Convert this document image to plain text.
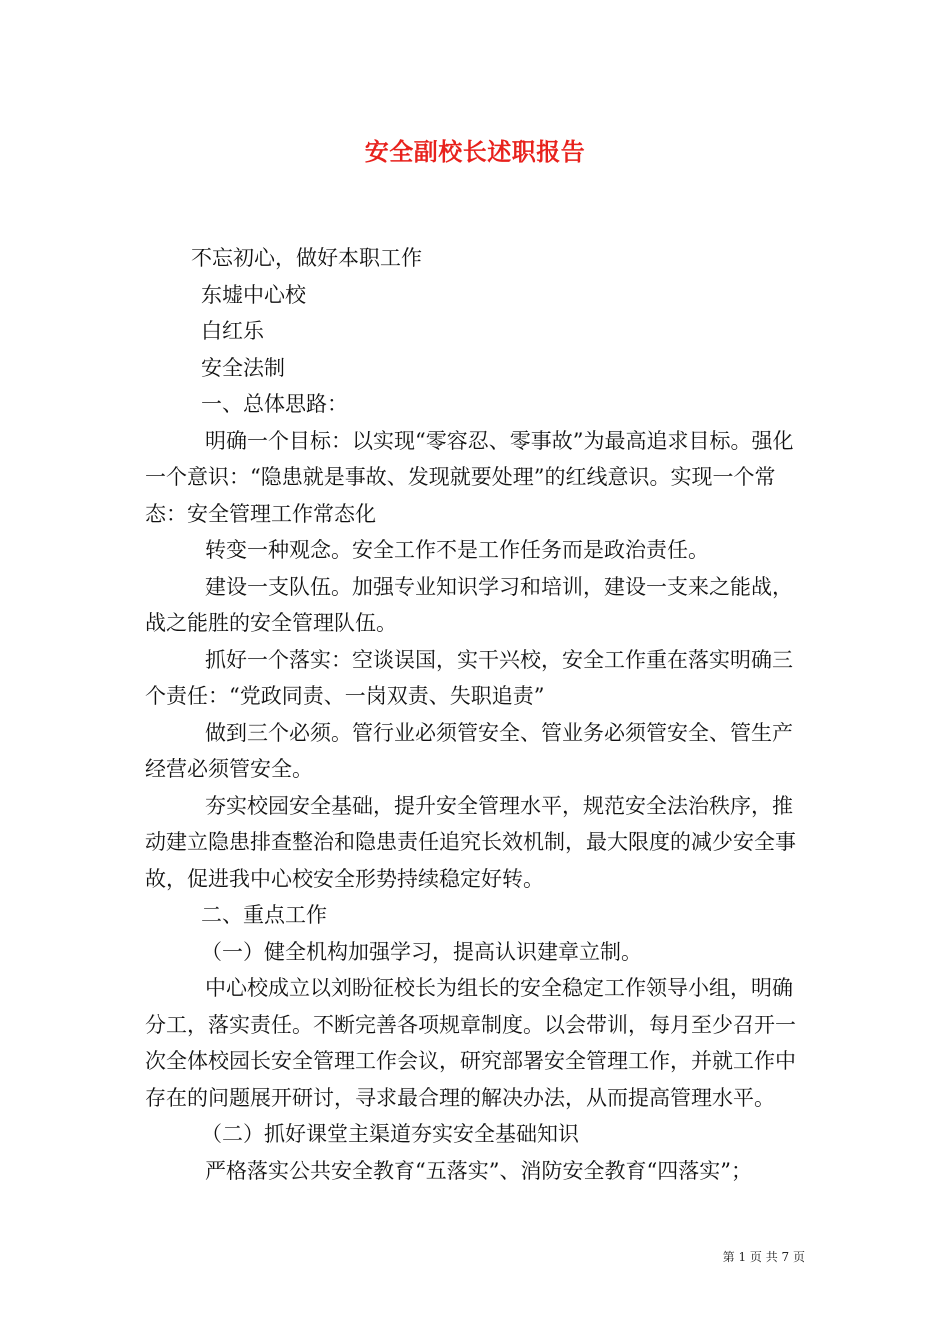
安全副校长述职报告

不忘初心，做好本职工作

东墟中心校

白红乐

安全法制

一、总体思路：

明确一个目标：以实现“零容忍、零事故”为最高追求目标。强化一个意识：“隐患就是事故、发现就要处理”的红线意识。实现一个常态：安全管理工作常态化

转变一种观念。安全工作不是工作任务而是政治责任。

建设一支队伍。加强专业知识学习和培训，建设一支来之能战，战之能胜的安全管理队伍。

抓好一个落实：空谈误国，实干兴校，安全工作重在落实明确三个责任：“党政同责、一岗双责、失职追责”

做到三个必须。管行业必须管安全、管业务必须管安全、管生产经营必须管安全。

夯实校园安全基础，提升安全管理水平，规范安全法治秩序，推动建立隐患排查整治和隐患责任追究长效机制，最大限度的减少安全事故，促进我中心校安全形势持续稳定好转。

二、重点工作

（一）健全机构加强学习，提高认识建章立制。

中心校成立以刘盼征校长为组长的安全稳定工作领导小组，明确分工，落实责任。不断完善各项规章制度。以会带训，每月至少召开一次全体校园长安全管理工作会议，研究部署安全管理工作，并就工作中存在的问题展开研讨，寻求最合理的解决办法，从而提高管理水平。

（二）抓好课堂主渠道夯实安全基础知识

严格落实公共安全教育“五落实”、消防安全教育“四落实”；

第 1 页 共 7 页
